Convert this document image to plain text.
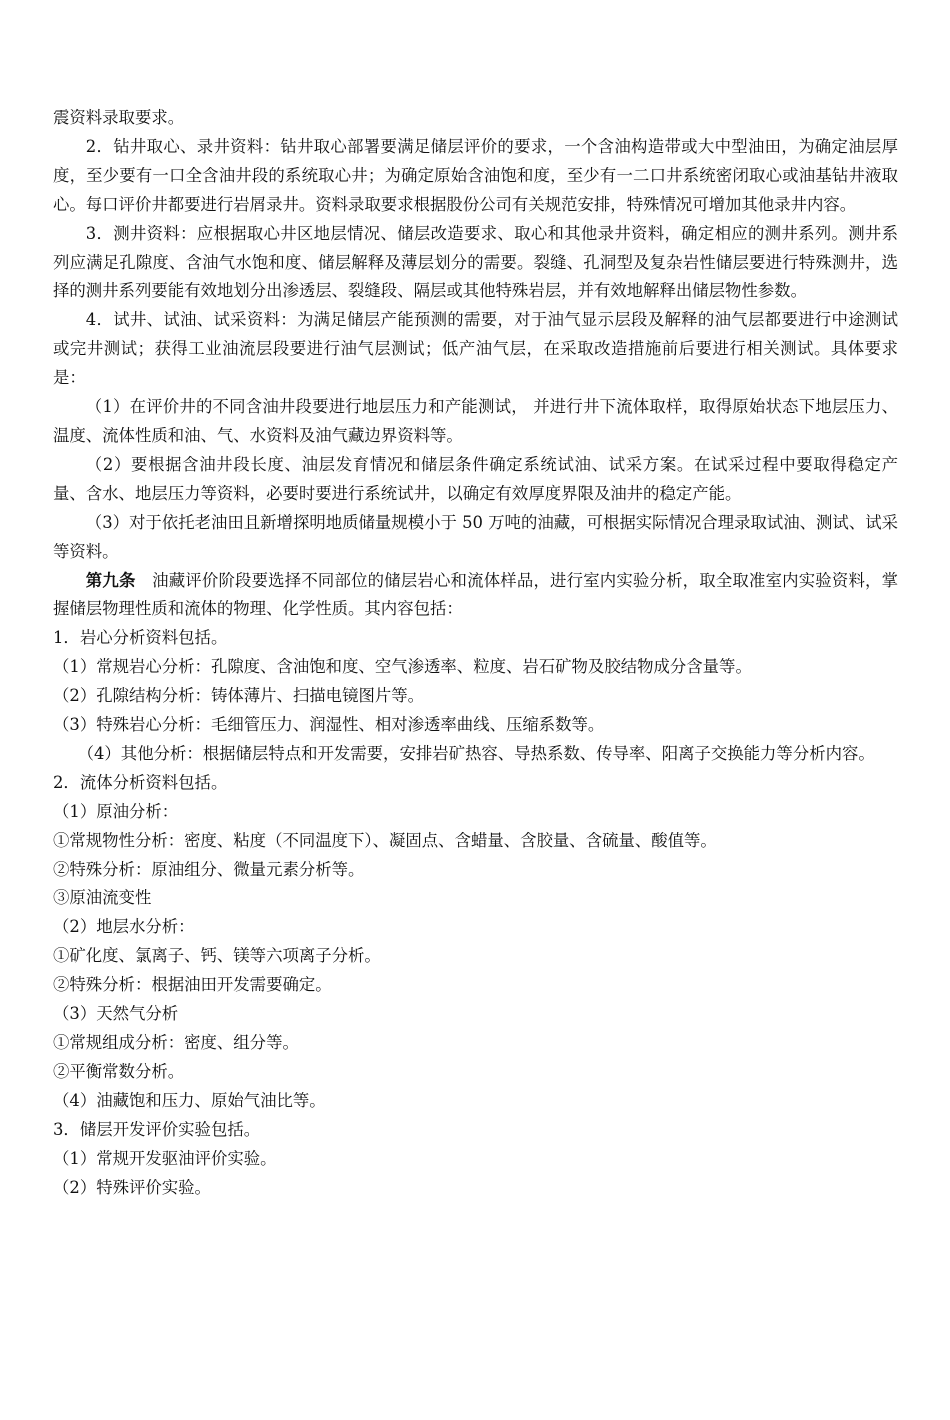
震资料录取要求。

2．钻井取心、录井资料：钻井取心部署要满足储层评价的要求，一个含油构造带或大中型油田，为确定油层厚度，至少要有一口全含油井段的系统取心井；为确定原始含油饱和度，至少有一二口井系统密闭取心或油基钻井液取心。每口评价井都要进行岩屑录井。资料录取要求根据股份公司有关规范安排，特殊情况可增加其他录井内容。

3．测井资料：应根据取心井区地层情况、储层改造要求、取心和其他录井资料，确定相应的测井系列。测井系列应满足孔隙度、含油气水饱和度、储层解释及薄层划分的需要。裂缝、孔洞型及复杂岩性储层要进行特殊测井，选择的测井系列要能有效地划分出渗透层、裂缝段、隔层或其他特殊岩层，并有效地解释出储层物性参数。

4．试井、试油、试采资料：为满足储层产能预测的需要，对于油气显示层段及解释的油气层都要进行中途测试或完井测试；获得工业油流层段要进行油气层测试；低产油气层，在采取改造措施前后要进行相关测试。具体要求是：

（1）在评价井的不同含油井段要进行地层压力和产能测试， 并进行井下流体取样，取得原始状态下地层压力、温度、流体性质和油、气、水资料及油气藏边界资料等。

（2）要根据含油井段长度、油层发育情况和储层条件确定系统试油、试采方案。在试采过程中要取得稳定产量、含水、地层压力等资料，必要时要进行系统试井，以确定有效厚度界限及油井的稳定产能。

（3）对于依托老油田且新增探明地质储量规模小于 50 万吨的油藏，可根据实际情况合理录取试油、测试、试采等资料。

第九条　油藏评价阶段要选择不同部位的储层岩心和流体样品，进行室内实验分析，取全取准室内实验资料，掌握储层物理性质和流体的物理、化学性质。其内容包括：

1．岩心分析资料包括。

（1）常规岩心分析：孔隙度、含油饱和度、空气渗透率、粒度、岩石矿物及胶结物成分含量等。

（2）孔隙结构分析：铸体薄片、扫描电镜图片等。

（3）特殊岩心分析：毛细管压力、润湿性、相对渗透率曲线、压缩系数等。

（4）其他分析：根据储层特点和开发需要，安排岩矿热容、导热系数、传导率、阳离子交换能力等分析内容。

2．流体分析资料包括。

（1）原油分析：

①常规物性分析：密度、粘度（不同温度下）、凝固点、含蜡量、含胶量、含硫量、酸值等。

②特殊分析：原油组分、微量元素分析等。

③原油流变性

（2）地层水分析：

①矿化度、氯离子、钙、镁等六项离子分析。

②特殊分析：根据油田开发需要确定。

（3）天然气分析

①常规组成分析：密度、组分等。

②平衡常数分析。

（4）油藏饱和压力、原始气油比等。

3．储层开发评价实验包括。

（1）常规开发驱油评价实验。

（2）特殊评价实验。
